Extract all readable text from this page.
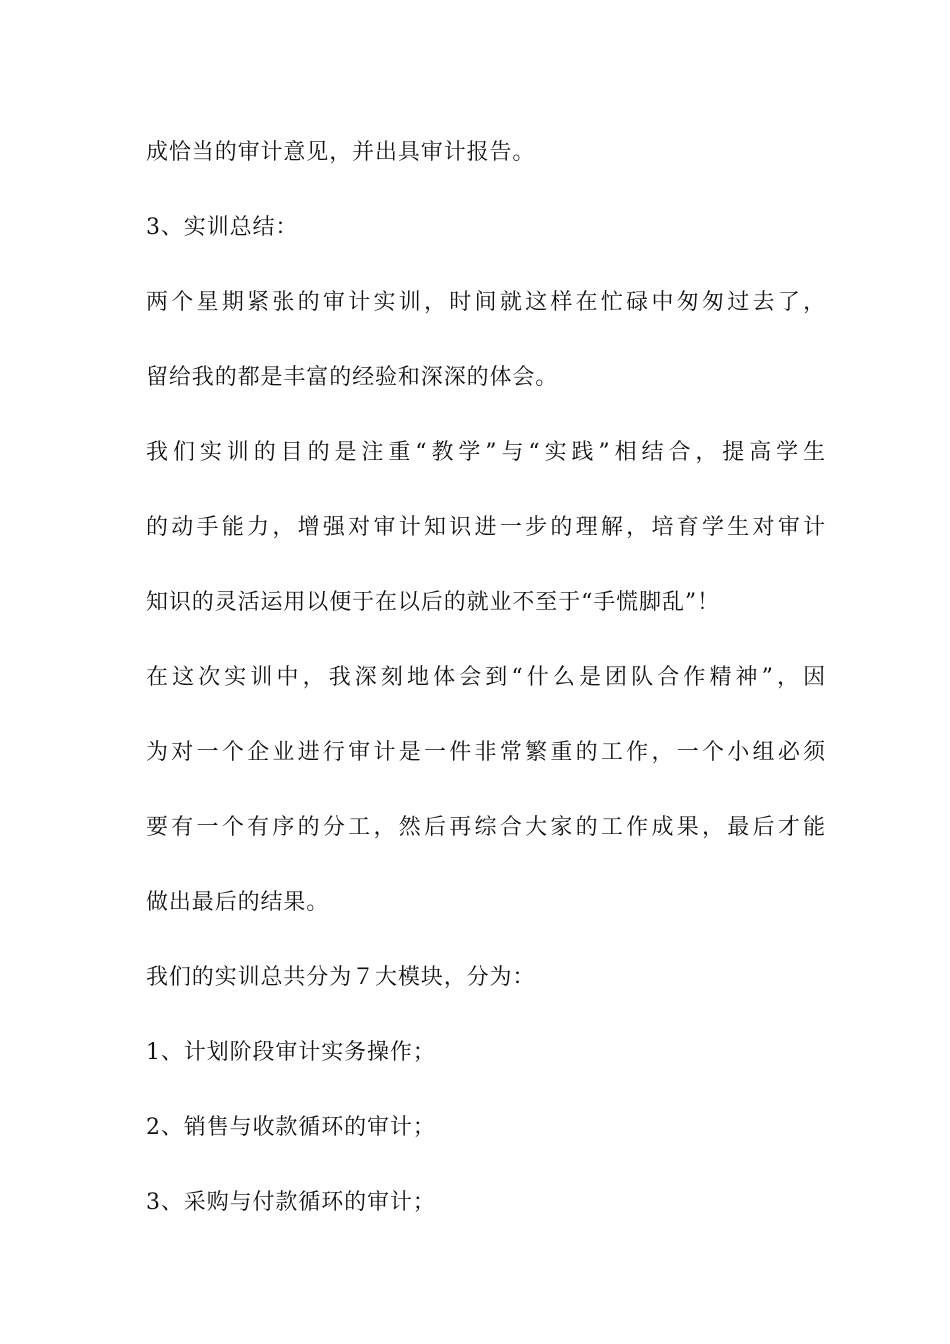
成恰当的审计意见，并出具审计报告。
3、实训总结：
两个星期紧张的审计实训，时间就这样在忙碌中匆匆过去了，
留给我的都是丰富的经验和深深的体会。
我们实训的目的是注重“教学”与“实践”相结合，提高学生
的动手能力，增强对审计知识进一步的理解，培育学生对审计
知识的灵活运用以便于在以后的就业不至于“手慌脚乱”！
在这次实训中，我深刻地体会到“什么是团队合作精神”，因
为对一个企业进行审计是一件非常繁重的工作，一个小组必须
要有一个有序的分工，然后再综合大家的工作成果，最后才能
做出最后的结果。
我们的实训总共分为７大模块，分为：
1、计划阶段审计实务操作；
2、销售与收款循环的审计；
3、采购与付款循环的审计；
